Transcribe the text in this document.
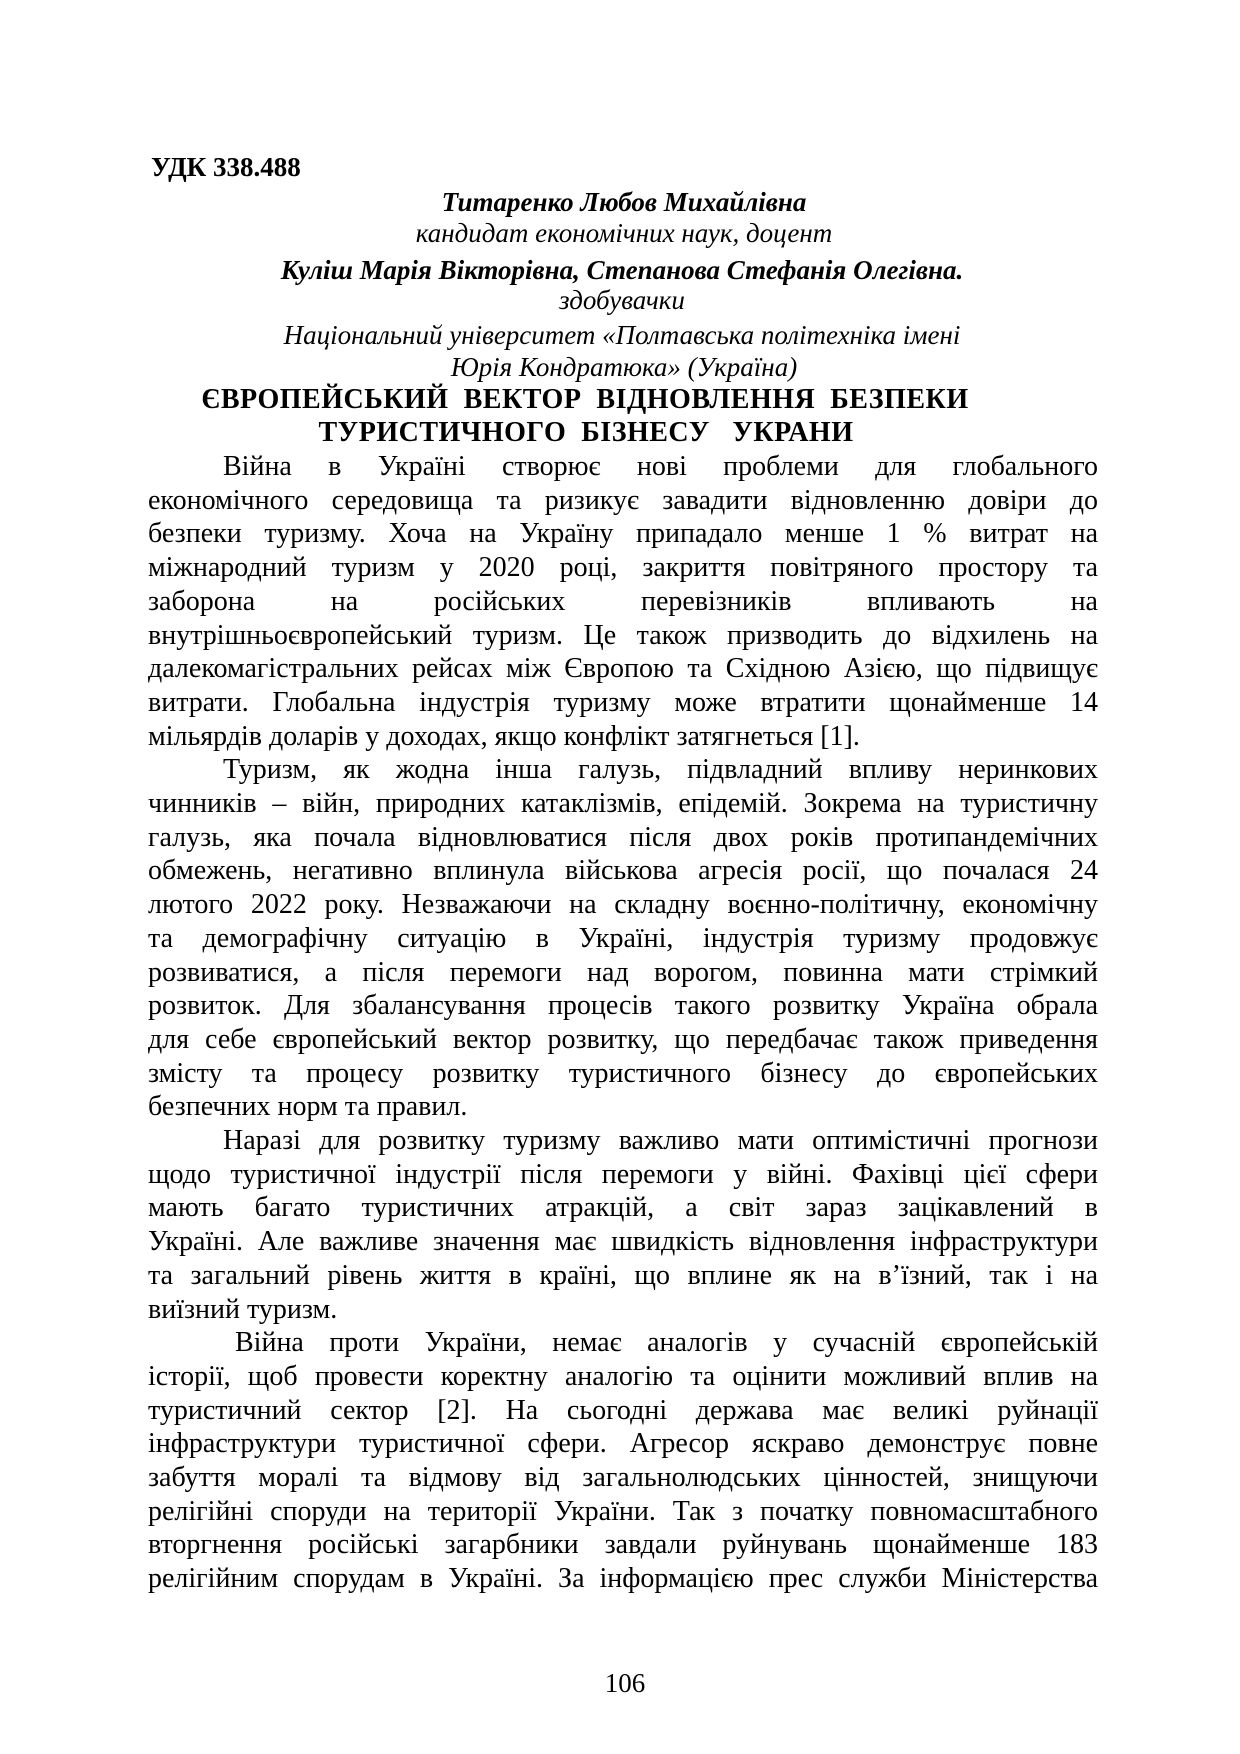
УДК 338.488
Титаренко Любов Михайлівна
кандидат економічних наук, доцент
Куліш Марія Вікторівна, Степанова Стефанія Олегівна.
здобувачки
Національний університет «Полтавська політехніка імені
Юрія Кондратюка» (Україна)
ЄВРОПЕЙСЬКИЙ  ВЕКТОР  ВІДНОВЛЕННЯ  БЕЗПЕКИ
ТУРИСТИЧНОГО  БІЗНЕСУ   УКРАНИ
Війна в Україні створює нові проблеми для глобального
економічного середовища та ризикує завадити відновленню довіри до
безпеки туризму. Хоча на Україну припадало менше 1 % витрат на
міжнародний туризм у 2020 році, закриття повітряного простору та
заборона на російських перевізників впливають на
внутрішньоєвропейський туризм. Це також призводить до відхилень на
далекомагістральних рейсах між Європою та Східною Азією, що підвищує
витрати. Глобальна індустрія туризму може втратити щонайменше 14
мільярдів доларів у доходах, якщо конфлікт затягнеться [1].
Туризм, як жодна інша галузь, підвладний впливу неринкових
чинників – війн, природних катаклізмів, епідемій. Зокрема на туристичну
галузь, яка почала відновлюватися після двох років протипандемічних
обмежень, негативно вплинула військова агресія росії, що почалася 24
лютого 2022 року. Незважаючи на складну воєнно-політичну, економічну
та демографічну ситуацію в Україні, індустрія туризму продовжує
розвиватися, а після перемоги над ворогом, повинна мати стрімкий
розвиток. Для збалансування процесів такого розвитку Україна обрала
для себе європейський вектор розвитку, що передбачає також приведення
змісту та процесу розвитку туристичного бізнесу до європейських
безпечних норм та правил.
Наразі для розвитку туризму важливо мати оптимістичні прогнози
щодо туристичної індустрії після перемоги у війні. Фахівці цієї сфери
мають багато туристичних атракцій, а світ зараз зацікавлений в
Україні. Але важливе значення має швидкість відновлення інфраструктури
та загальний рівень життя в країні, що вплине як на в’їзний, так і на
виїзний туризм.
Війна проти України, немає аналогів у сучасній європейській
історії, щоб провести коректну аналогію та оцінити можливий вплив на
туристичний сектор [2]. На сьогодні держава має великі руйнації
інфраструктури туристичної сфери. Агресор яскраво демонструє повне
забуття моралі та відмову від загальнолюдських цінностей, знищуючи
релігійні споруди на території України. Так з початку повномасштабного
вторгнення російські загарбники завдали руйнувань щонайменше 183
релігійним спорудам в Україні. За інформацією прес служби Міністерства
106
